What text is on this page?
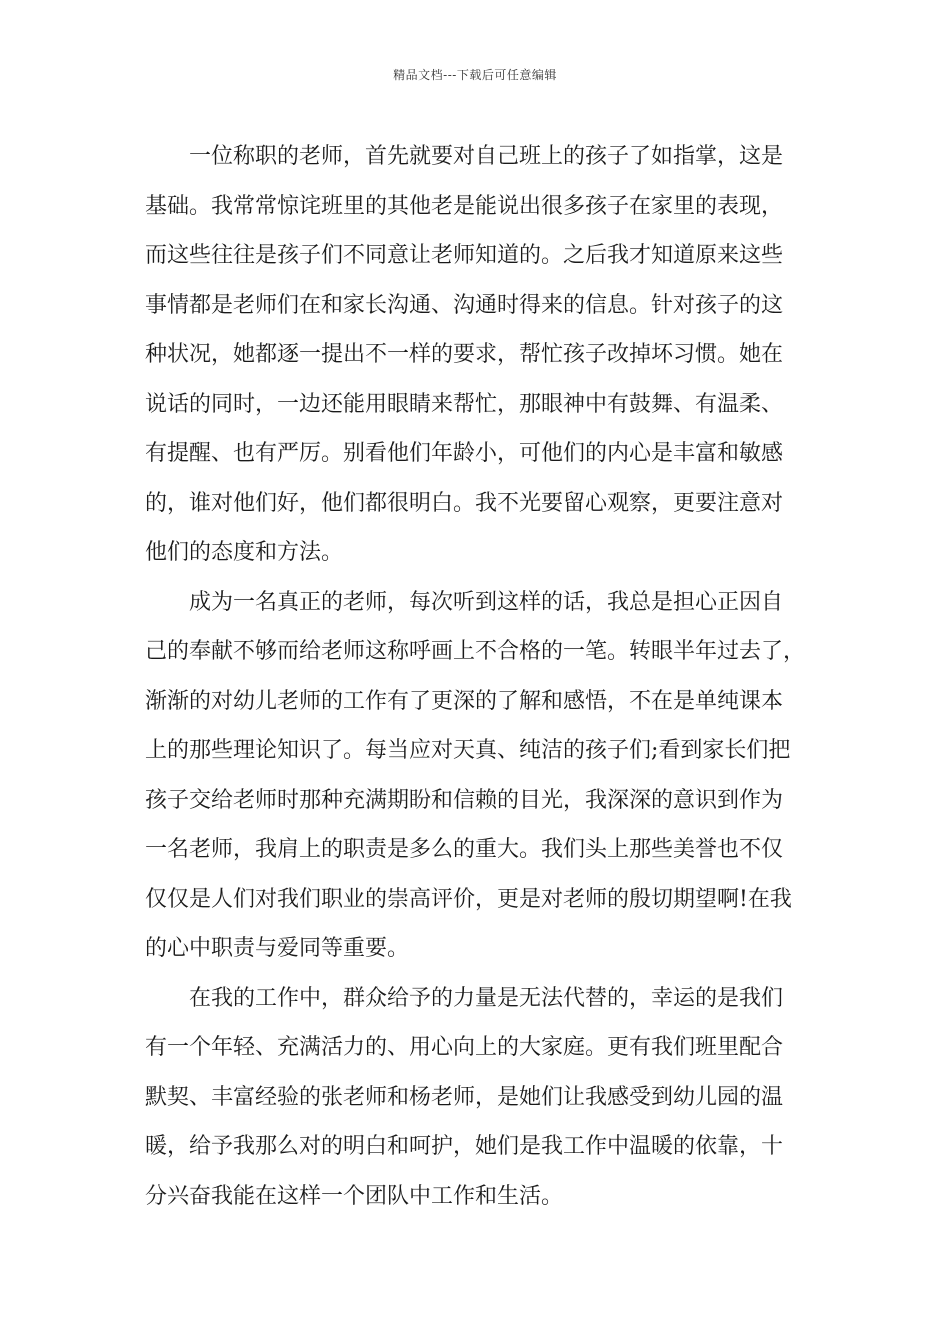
精品文档---下载后可任意编辑

一位称职的老师，首先就要对自己班上的孩子了如指掌，这是
基础。我常常惊诧班里的其他老是能说出很多孩子在家里的表现，
而这些往往是孩子们不同意让老师知道的。之后我才知道原来这些
事情都是老师们在和家长沟通、沟通时得来的信息。针对孩子的这
种状况，她都逐一提出不一样的要求，帮忙孩子改掉坏习惯。她在
说话的同时，一边还能用眼睛来帮忙，那眼神中有鼓舞、有温柔、
有提醒、也有严厉。别看他们年龄小，可他们的内心是丰富和敏感
的，谁对他们好，他们都很明白。我不光要留心观察，更要注意对
他们的态度和方法。

成为一名真正的老师，每次听到这样的话，我总是担心正因自
己的奉献不够而给老师这称呼画上不合格的一笔。转眼半年过去了，
渐渐的对幼儿老师的工作有了更深的了解和感悟，不在是单纯课本
上的那些理论知识了。每当应对天真、纯洁的孩子们;看到家长们把
孩子交给老师时那种充满期盼和信赖的目光，我深深的意识到作为
一名老师，我肩上的职责是多么的重大。我们头上那些美誉也不仅
仅仅是人们对我们职业的崇高评价，更是对老师的殷切期望啊!在我
的心中职责与爱同等重要。

在我的工作中，群众给予的力量是无法代替的，幸运的是我们
有一个年轻、充满活力的、用心向上的大家庭。更有我们班里配合
默契、丰富经验的张老师和杨老师，是她们让我感受到幼儿园的温
暖，给予我那么对的明白和呵护，她们是我工作中温暖的依靠，十
分兴奋我能在这样一个团队中工作和生活。
